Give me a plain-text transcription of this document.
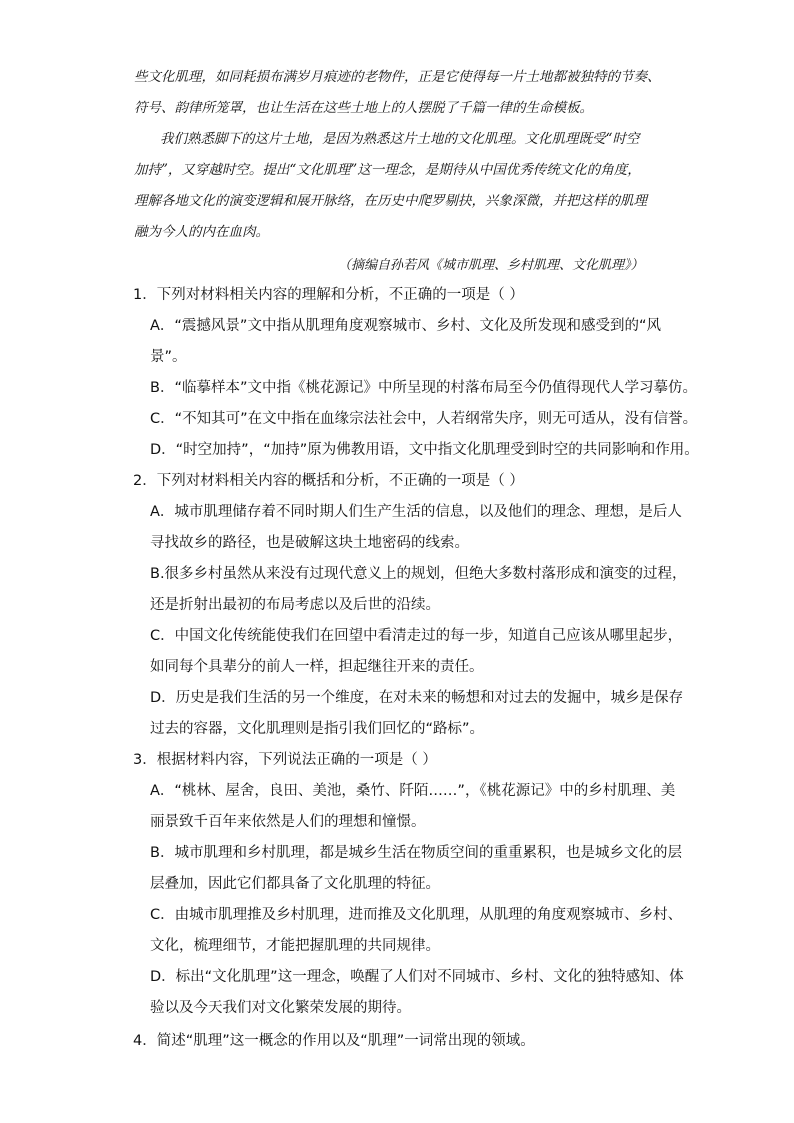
些文化肌理，如同耗损布满岁月痕迹的老物件，正是它使得每一片土地都被独特的节奏、

符号、韵律所笼罩，也让生活在这些土地上的人摆脱了千篇一律的生命模板。

我们熟悉脚下的这片土地，是因为熟悉这片土地的文化肌理。文化肌理既受“时空

加持”，又穿越时空。提出“文化肌理”这一理念，是期待从中国优秀传统文化的角度，

理解各地文化的演变逻辑和展开脉络，在历史中爬罗剔抉，兴象深微，并把这样的肌理

融为今人的内在血肉。

（摘编自孙若风《城市肌理、乡村肌理、文化肌理》）
1．下列对材料相关内容的理解和分析，不正确的一项是（ ）
A．“震撼风景”文中指从肌理角度观察城市、乡村、文化及所发现和感受到的“风
景”。
B．“临摹样本”文中指《桃花源记》中所呈现的村落布局至今仍值得现代人学习摹仿。
C．“不知其可”在文中指在血缘宗法社会中，人若纲常失序，则无可适从，没有信誉。
D．“时空加持”，“加持”原为佛教用语，文中指文化肌理受到时空的共同影响和作用。
2．下列对材料相关内容的概括和分析，不正确的一项是（ ）
A．城市肌理储存着不同时期人们生产生活的信息，以及他们的理念、理想，是后人
寻找故乡的路径，也是破解这块土地密码的线索。
B.很多乡村虽然从来没有过现代意义上的规划，但绝大多数村落形成和演变的过程，
还是折射出最初的布局考虑以及后世的沿续。
C．中国文化传统能使我们在回望中看清走过的每一步，知道自己应该从哪里起步，
如同每个具辈分的前人一样，担起继往开来的责任。
D．历史是我们生活的另一个维度，在对未来的畅想和对过去的发掘中，城乡是保存
过去的容器，文化肌理则是指引我们回忆的“路标”。
3．根据材料内容，下列说法正确的一项是（ ）
A．“桃林、屋舍，良田、美池，桑竹、阡陌……”，《桃花源记》中的乡村肌理、美
丽景致千百年来依然是人们的理想和憧憬。
B．城市肌理和乡村肌理，都是城乡生活在物质空间的重重累积，也是城乡文化的层
层叠加，因此它们都具备了文化肌理的特征。
C．由城市肌理推及乡村肌理，进而推及文化肌理，从肌理的角度观察城市、乡村、
文化，梳理细节，才能把握肌理的共同规律。
D．标出“文化肌理”这一理念，唤醒了人们对不同城市、乡村、文化的独特感知、体
验以及今天我们对文化繁荣发展的期待。
4．简述“肌理”这一概念的作用以及“肌理”一词常出现的领域。
